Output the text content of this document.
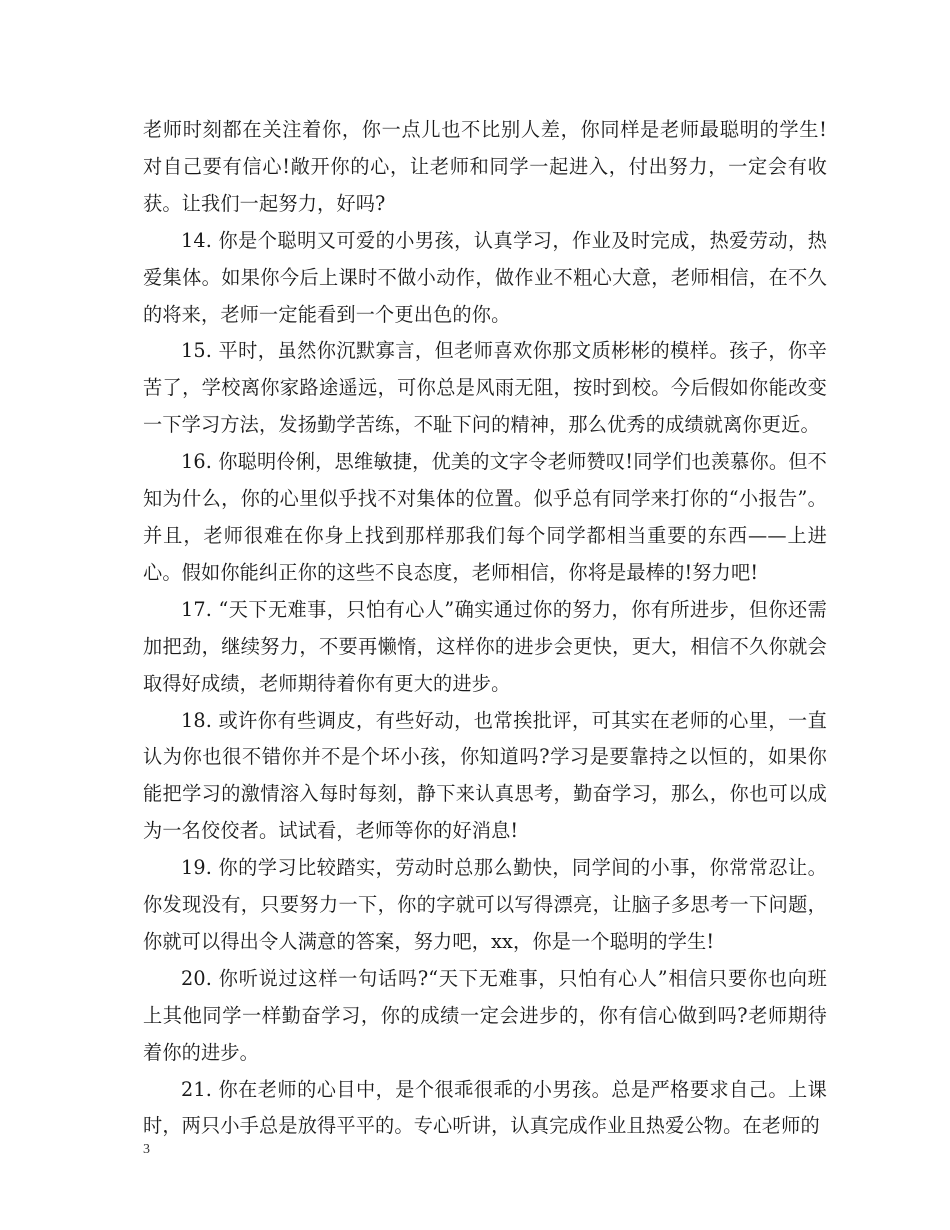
老师时刻都在关注着你，你一点儿也不比别人差，你同样是老师最聪明的学生!对自己要有信心!敞开你的心，让老师和同学一起进入，付出努力，一定会有收获。让我们一起努力，好吗?

14. 你是个聪明又可爱的小男孩，认真学习，作业及时完成，热爱劳动，热爱集体。如果你今后上课时不做小动作，做作业不粗心大意，老师相信，在不久的将来，老师一定能看到一个更出色的你。

15. 平时，虽然你沉默寡言，但老师喜欢你那文质彬彬的模样。孩子，你辛苦了，学校离你家路途遥远，可你总是风雨无阻，按时到校。今后假如你能改变一下学习方法，发扬勤学苦练，不耻下问的精神，那么优秀的成绩就离你更近。

16. 你聪明伶俐，思维敏捷，优美的文字令老师赞叹!同学们也羡慕你。但不知为什么，你的心里似乎找不对集体的位置。似乎总有同学来打你的“小报告”。并且，老师很难在你身上找到那样那我们每个同学都相当重要的东西——上进心。假如你能纠正你的这些不良态度，老师相信，你将是最棒的!努力吧!

17. “天下无难事，只怕有心人”确实通过你的努力，你有所进步，但你还需加把劲，继续努力，不要再懒惰，这样你的进步会更快，更大，相信不久你就会取得好成绩，老师期待着你有更大的进步。

18. 或许你有些调皮，有些好动，也常挨批评，可其实在老师的心里，一直认为你也很不错你并不是个坏小孩，你知道吗?学习是要靠持之以恒的，如果你能把学习的激情溶入每时每刻，静下来认真思考，勤奋学习，那么，你也可以成为一名佼佼者。试试看，老师等你的好消息!

19. 你的学习比较踏实，劳动时总那么勤快，同学间的小事，你常常忍让。你发现没有，只要努力一下，你的字就可以写得漂亮，让脑子多思考一下问题，你就可以得出令人满意的答案，努力吧，xx，你是一个聪明的学生!

20. 你听说过这样一句话吗?“天下无难事，只怕有心人”相信只要你也向班上其他同学一样勤奋学习，你的成绩一定会进步的，你有信心做到吗?老师期待着你的进步。

21. 你在老师的心目中，是个很乖很乖的小男孩。总是严格要求自己。上课时，两只小手总是放得平平的。专心听讲，认真完成作业且热爱公物。在老师的

3
